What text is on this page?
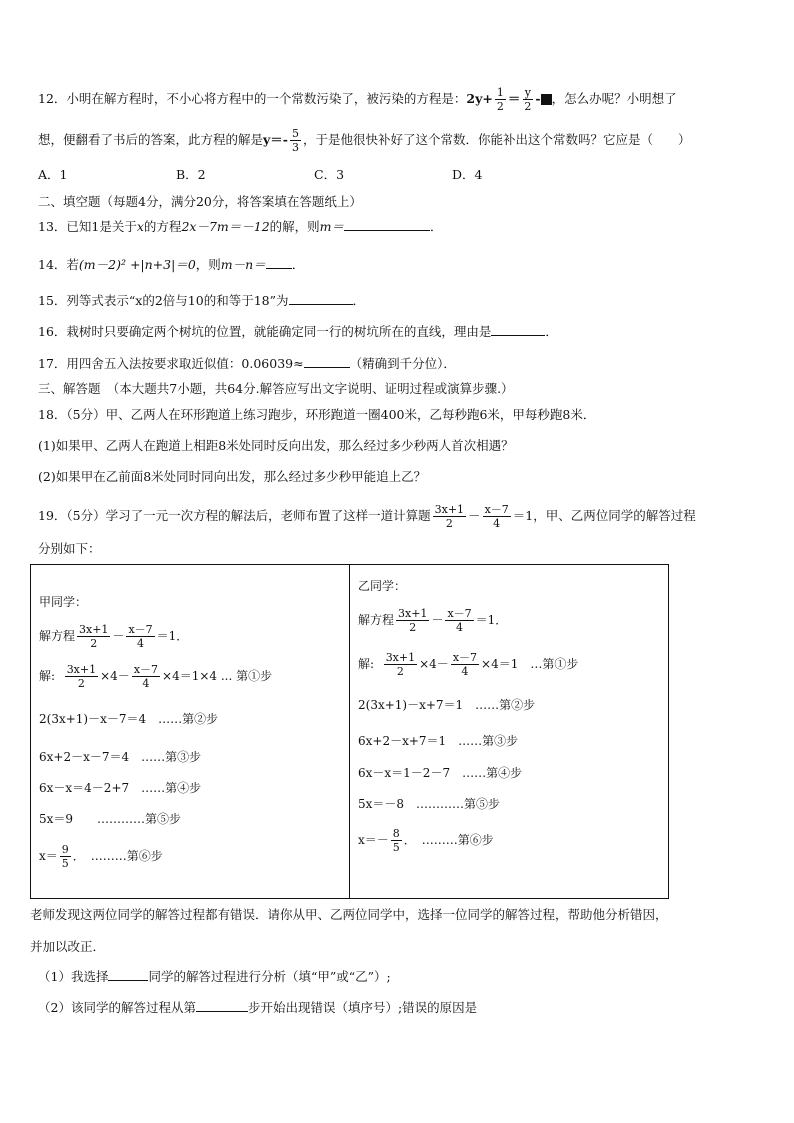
12．小明在解方程时，不小心将方程中的一个常数污染了，被污染的方程是：$2y+ \frac{1}{2} = \frac{y}{2}$ - ，怎么办呢？小明想了
想，便翻看了书后的答案，此方程的解是$y=- \frac{5}{3}$ ，于是他很快补好了这个常数．你能补出这个常数吗？它应是（　　）
A．1	B．2	C．3	D．4
二、填空题（每题4分，满分20分，将答案填在答题纸上）
13．已知1是关于x的方程2x－7m＝－12的解，则m＝	．
14．若(m－2)² +|n+3|＝0，则m－n＝ ．
15．列等式表示“x的2倍与10的和等于18”为	．
16．栽树时只要确定两个树坑的位置，就能确定同一行的树坑所在的直线，理由是	．
17．用四舍五入法按要求取近似值：0.06039≈	（精确到千分位）．
三、解答题　（本大题共7小题，共64分.解答应写出文字说明、证明过程或演算步骤.）
18．（5分）甲、乙两人在环形跑道上练习跑步，环形跑道一圈400米，乙每秒跑6米，甲每秒跑8米．
(1)如果甲、乙两人在跑道上相距8米处同时反向出发，那么经过多少秒两人首次相遇？
(2)如果甲在乙前面8米处同时同向出发，那么经过多少秒甲能追上乙？
19．（5分）学习了一元一次方程的解法后，老师布置了这样一道计算题 $\frac{3x+1}{2} - \frac{x-7}{4} =1$，甲、乙两位同学的解答过程
分别如下：
甲同学：
解方程 $\frac{3x+1}{2} - \frac{x-7}{4} =1$．
解: $\frac{3x+1}{2} \times 4- \frac{x-7}{4} \times 4=1\times 4$ ... 第①步
2(3x+1)－x－7＝4　……第②步
6x+2－x－7＝4　……第③步
6x－x＝4－2+7　……第④步
5x＝9　　…………第⑤步
$x= \frac{9}{5}$ ．　………第⑥步
乙同学：
解方程 $\frac{3x+1}{2} - \frac{x-7}{4} =1$．
解: $\frac{3x+1}{2} \times 4- \frac{x-7}{4} \times 4=1$　…第①步
2(3x+1)－x+7＝1　……第②步
6x+2－x+7＝1　……第③步
6x－x＝1－2－7　……第④步
5x＝－8　…………第⑤步
$x=- \frac{8}{5}$ ．　………第⑥步
老师发现这两位同学的解答过程都有错误．请你从甲、乙两位同学中，选择一位同学的解答过程，帮助他分析错因，
并加以改正．
（1）我选择	同学的解答过程进行分析（填“甲”或“乙”）;
（2）该同学的解答过程从第	步开始出现错误（填序号）;错误的原因是
